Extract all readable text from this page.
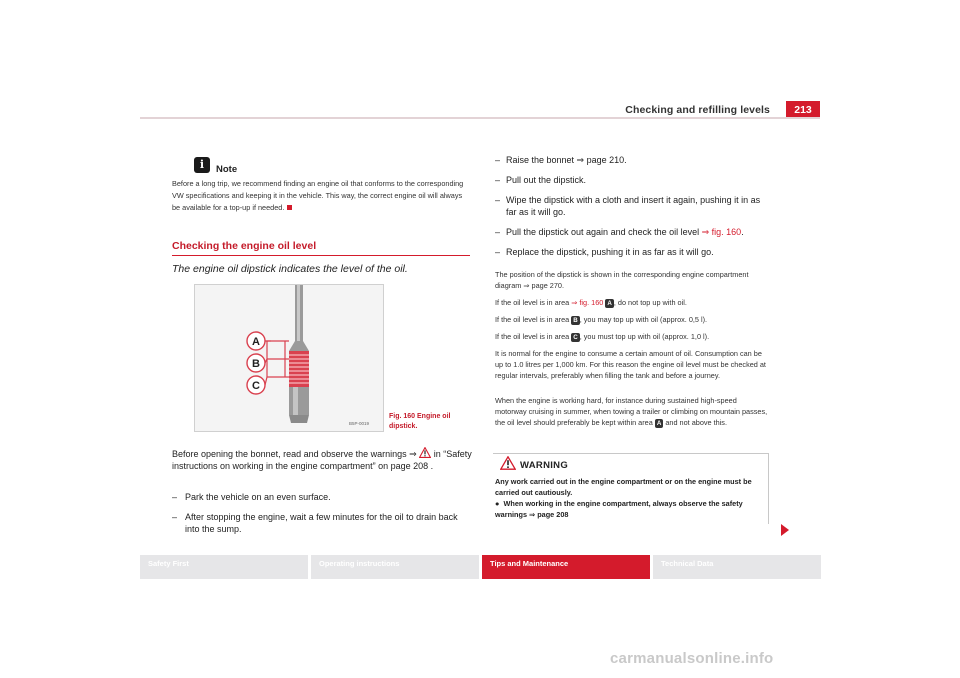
Checking and refilling levels	213
i	Note
Before a long trip, we recommend finding an engine oil that conforms to the corresponding VW specifications and keeping it in the vehicle. This way, the correct engine oil will always be available for a top-up if needed.
Checking the engine oil level
The engine oil dipstick indicates the level of the oil.
A
B
C
B5P-0019
Fig. 160 Engine oil dipstick.
Before opening the bonnet, read and observe the warnings ⇒  in “Safety instructions on working in the engine compartment” on page 208 .
– Park the vehicle on an even surface.
– After stopping the engine, wait a few minutes for the oil to drain back into the sump.
– Raise the bonnet ⇒ page 210.
– Pull out the dipstick.
– Wipe the dipstick with a cloth and insert it again, pushing it in as far as it will go.
– Pull the dipstick out again and check the oil level ⇒ fig. 160.
– Replace the dipstick, pushing it in as far as it will go.
The position of the dipstick is shown in the corresponding engine compartment diagram ⇒ page 270.
If the oil level is in area ⇒ fig. 160 A , do not top up with oil.
If the oil level is in area B , you may top up with oil (approx. 0,5 l).
If the oil level is in area C , you must top up with oil (approx. 1,0 l).
It is normal for the engine to consume a certain amount of oil. Consumption can be up to 1.0 litres per 1,000 km. For this reason the engine oil level must be checked at regular intervals, preferably when filling the tank and before a journey.
When the engine is working hard, for instance during sustained high-speed motorway cruising in summer, when towing a trailer or climbing on mountain passes, the oil level should preferably be kept within area A and not above this.
WARNING
Any work carried out in the engine compartment or on the engine must be carried out cautiously.
● When working in the engine compartment, always observe the safety warnings ⇒ page 208
Safety First	Operating instructions	Tips and Maintenance	Technical Data
carmanualsonline.info
